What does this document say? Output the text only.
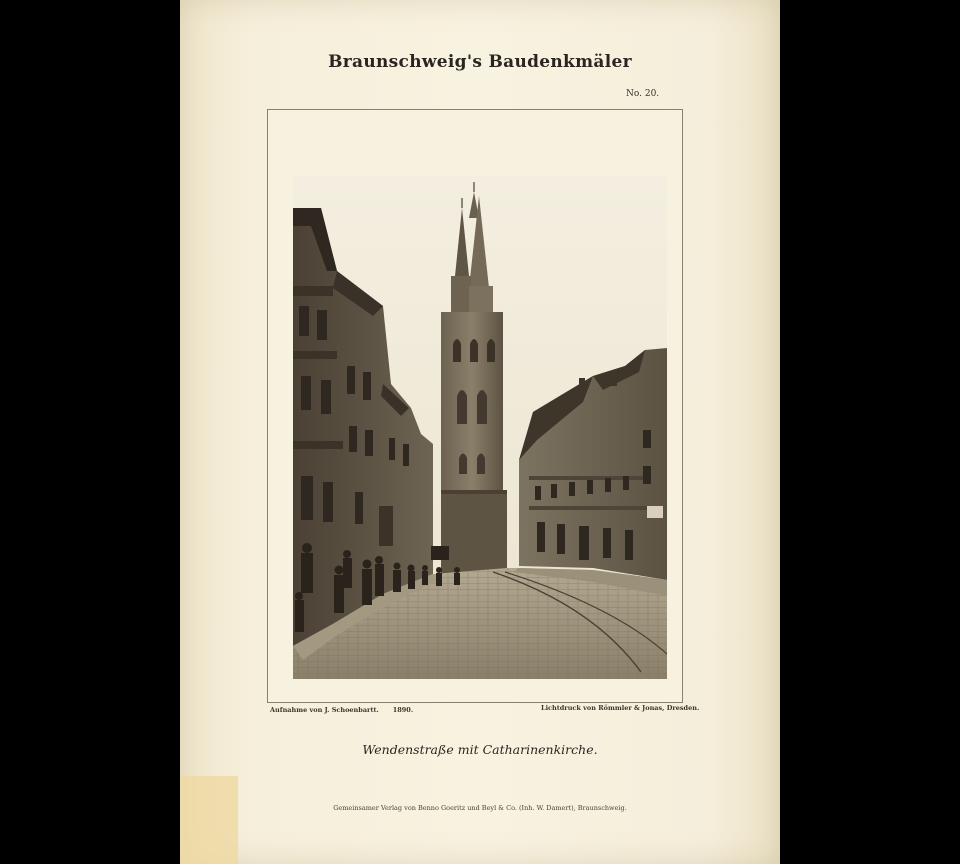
Braunschweig's Baudenkmäler
No. 20.
Aufnahme von J. Schoenbartt. 1890.	Lichtdruck von Römmler & Jonas, Dresden.
Wendenstraße mit Catharinenkirche.
Gemeinsamer Verlag von Benno Goeritz und Beyl & Co. (Inh. W. Damert), Braunschweig.
